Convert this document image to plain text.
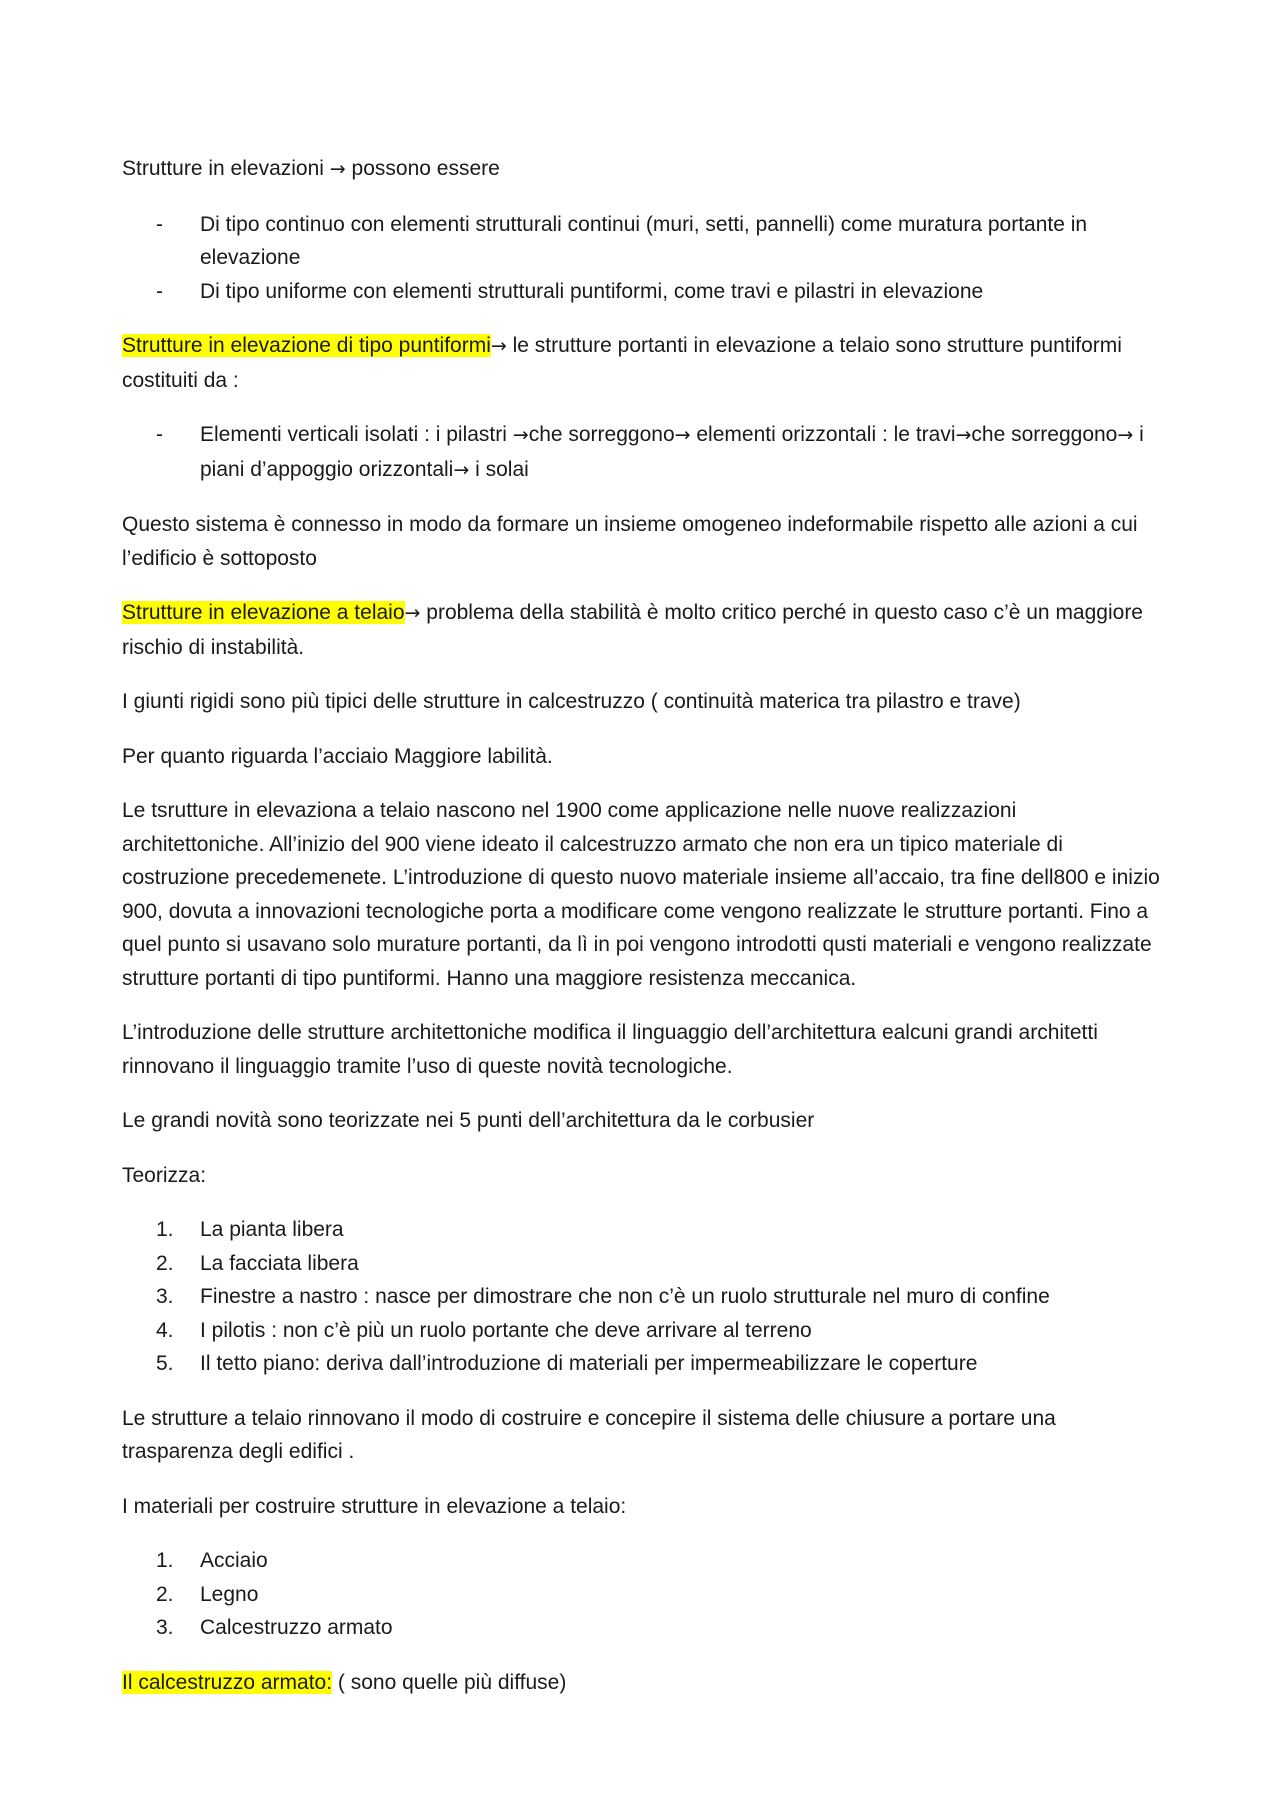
Strutture in elevazioni → possono essere

-	Di tipo continuo con elementi strutturali continui (muri, setti, pannelli) come muratura portante in elevazione
-	Di tipo uniforme con elementi strutturali puntiformi, come travi e pilastri in elevazione

Strutture in elevazione di tipo puntiformi→ le strutture portanti in elevazione a telaio sono strutture puntiformi costituiti da :

-	Elementi verticali isolati : i pilastri →che sorreggono→ elementi orizzontali : le travi→che sorreggono→ i piani d’appoggio orizzontali→ i solai

Questo sistema è connesso in modo da formare un insieme omogeneo indeformabile rispetto alle azioni a cui l’edificio è sottoposto

Strutture in elevazione a telaio→ problema della stabilità è molto critico perché in questo caso c’è un maggiore rischio di instabilità.

I giunti rigidi sono più tipici delle strutture in calcestruzzo ( continuità materica tra pilastro e trave)

Per quanto riguarda l’acciaio Maggiore labilità.

Le tsrutture in elevaziona a telaio nascono nel 1900 come applicazione nelle nuove realizzazioni architettoniche. All’inizio del 900 viene ideato il calcestruzzo armato che non era un tipico materiale di costruzione precedemenete. L’introduzione di questo nuovo materiale insieme all’accaio, tra fine dell800 e inizio 900, dovuta a innovazioni tecnologiche porta a modificare come vengono realizzate le strutture portanti. Fino a quel punto si usavano solo murature portanti, da lì in poi vengono introdotti qusti materiali e vengono realizzate strutture portanti di tipo puntiformi. Hanno una maggiore resistenza meccanica.

L’introduzione delle strutture architettoniche modifica il linguaggio dell’architettura ealcuni grandi architetti rinnovano il linguaggio tramite l’uso di queste novità tecnologiche.

Le grandi novità sono teorizzate nei 5 punti dell’architettura da le corbusier

Teorizza:

1.	La pianta libera
2.	La facciata libera
3.	Finestre a nastro : nasce per dimostrare che non c’è un ruolo strutturale nel muro di confine
4.	I pilotis : non c’è più un ruolo portante che deve arrivare al terreno
5.	Il tetto piano: deriva dall’introduzione di materiali per impermeabilizzare le coperture

Le strutture a telaio rinnovano il modo di costruire e concepire il sistema delle chiusure a portare una trasparenza degli edifici .

I materiali per costruire strutture in elevazione a telaio:

1.	Acciaio
2.	Legno
3.	Calcestruzzo armato

Il calcestruzzo armato: ( sono quelle più diffuse)
